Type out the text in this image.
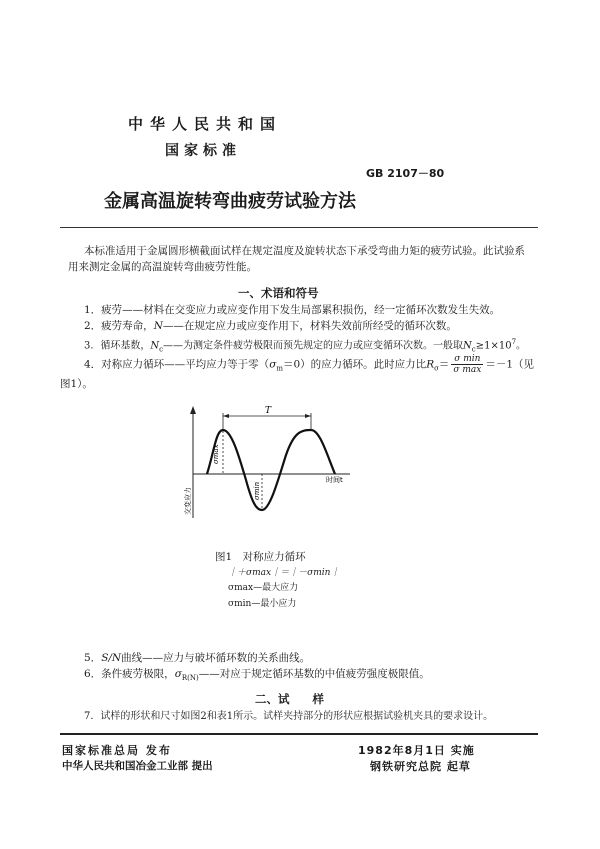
中华人民共和国
国家标准
GB 2107－80
金属高温旋转弯曲疲劳试验方法
本标准适用于金属圆形横截面试样在规定温度及旋转状态下承受弯曲力矩的疲劳试验。此试验系
用来测定金属的高温旋转弯曲疲劳性能。
一、术语和符号
1．疲劳——材料在交变应力或应变作用下发生局部累积损伤，经一定循环次数发生失效。
2．疲劳寿命，N——在规定应力或应变作用下，材料失效前所经受的循环次数。
3．循环基数，$N_c——$为测定条件疲劳极限而预先规定的应力或应变循环次数。一般取$N_c\ge 1\times 10^7$。
4．对称应力循环——平均应力等于零$(\sigma_m=0)$的应力循环。此时应力比$R_\sigma= \frac{\text{σ min}}{\text{σ max}} =-1$（见
图1）。
T
σmax
σmin
时间t
交变应力
图1　对称应力循环
｜＋σmax｜＝｜－σmin｜
σmax—最大应力
σmin—最小应力
5．S/N曲线——应力与破坏循环数的关系曲线。
6．条件疲劳极限，$\sigma_{R(N)}——$对应于规定循环基数的中值疲劳强度极限值。
二、试　　样
7．试样的形状和尺寸如图2和表1所示。试样夹持部分的形状应根据试验机夹具的要求设计。
国家标准总局 发布	1982年8月1日 实施
中华人民共和国冶金工业部 提出	钢铁研究总院 起草
